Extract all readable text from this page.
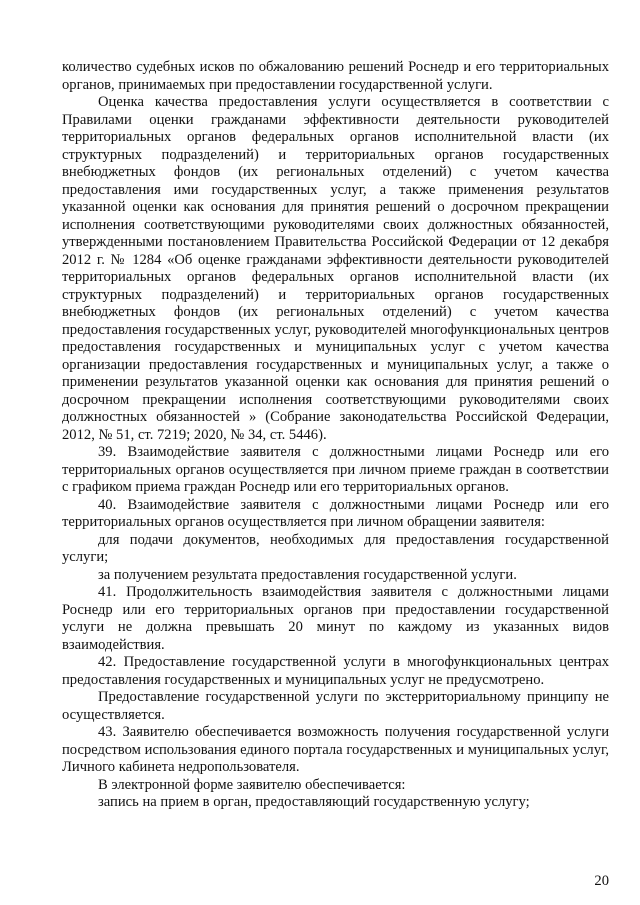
количество судебных исков по обжалованию решений Роснедр и его территориальных органов, принимаемых при предоставлении государственной услуги.

Оценка качества предоставления услуги осуществляется в соответствии с Правилами оценки гражданами эффективности деятельности руководителей территориальных органов федеральных органов исполнительной власти (их структурных подразделений) и территориальных органов государственных внебюджетных фондов (их региональных отделений) с учетом качества предоставления ими государственных услуг, а также применения результатов указанной оценки как основания для принятия решений о досрочном прекращении исполнения соответствующими руководителями своих должностных обязанностей, утвержденными постановлением Правительства Российской Федерации от 12 декабря 2012 г. № 1284 «Об оценке гражданами эффективности деятельности руководителей территориальных органов федеральных органов исполнительной власти (их структурных подразделений) и территориальных органов государственных внебюджетных фондов (их региональных отделений) с учетом качества предоставления государственных услуг, руководителей многофункциональных центров предоставления государственных и муниципальных услуг с учетом качества организации предоставления государственных и муниципальных услуг, а также о применении результатов указанной оценки как основания для принятия решений о досрочном прекращении исполнения соответствующими руководителями своих должностных обязанностей » (Собрание законодательства Российской Федерации, 2012, № 51, ст. 7219; 2020, № 34, ст. 5446).

39. Взаимодействие заявителя с должностными лицами Роснедр или его территориальных органов осуществляется при личном приеме граждан в соответствии с графиком приема граждан Роснедр или его территориальных органов.

40. Взаимодействие заявителя с должностными лицами Роснедр или его территориальных органов осуществляется при личном обращении заявителя:

для подачи документов, необходимых для предоставления государственной услуги;

за получением результата предоставления государственной услуги.

41. Продолжительность взаимодействия заявителя с должностными лицами Роснедр или его территориальных органов при предоставлении государственной услуги не должна превышать 20 минут по каждому из указанных видов взаимодействия.

42. Предоставление государственной услуги в многофункциональных центрах предоставления государственных и муниципальных услуг не предусмотрено.

Предоставление государственной услуги по экстерриториальному принципу не осуществляется.

43. Заявителю обеспечивается возможность получения государственной услуги посредством использования единого портала государственных и муниципальных услуг, Личного кабинета недропользователя.

В электронной форме заявителю обеспечивается:

запись на прием в орган, предоставляющий государственную услугу;

20
